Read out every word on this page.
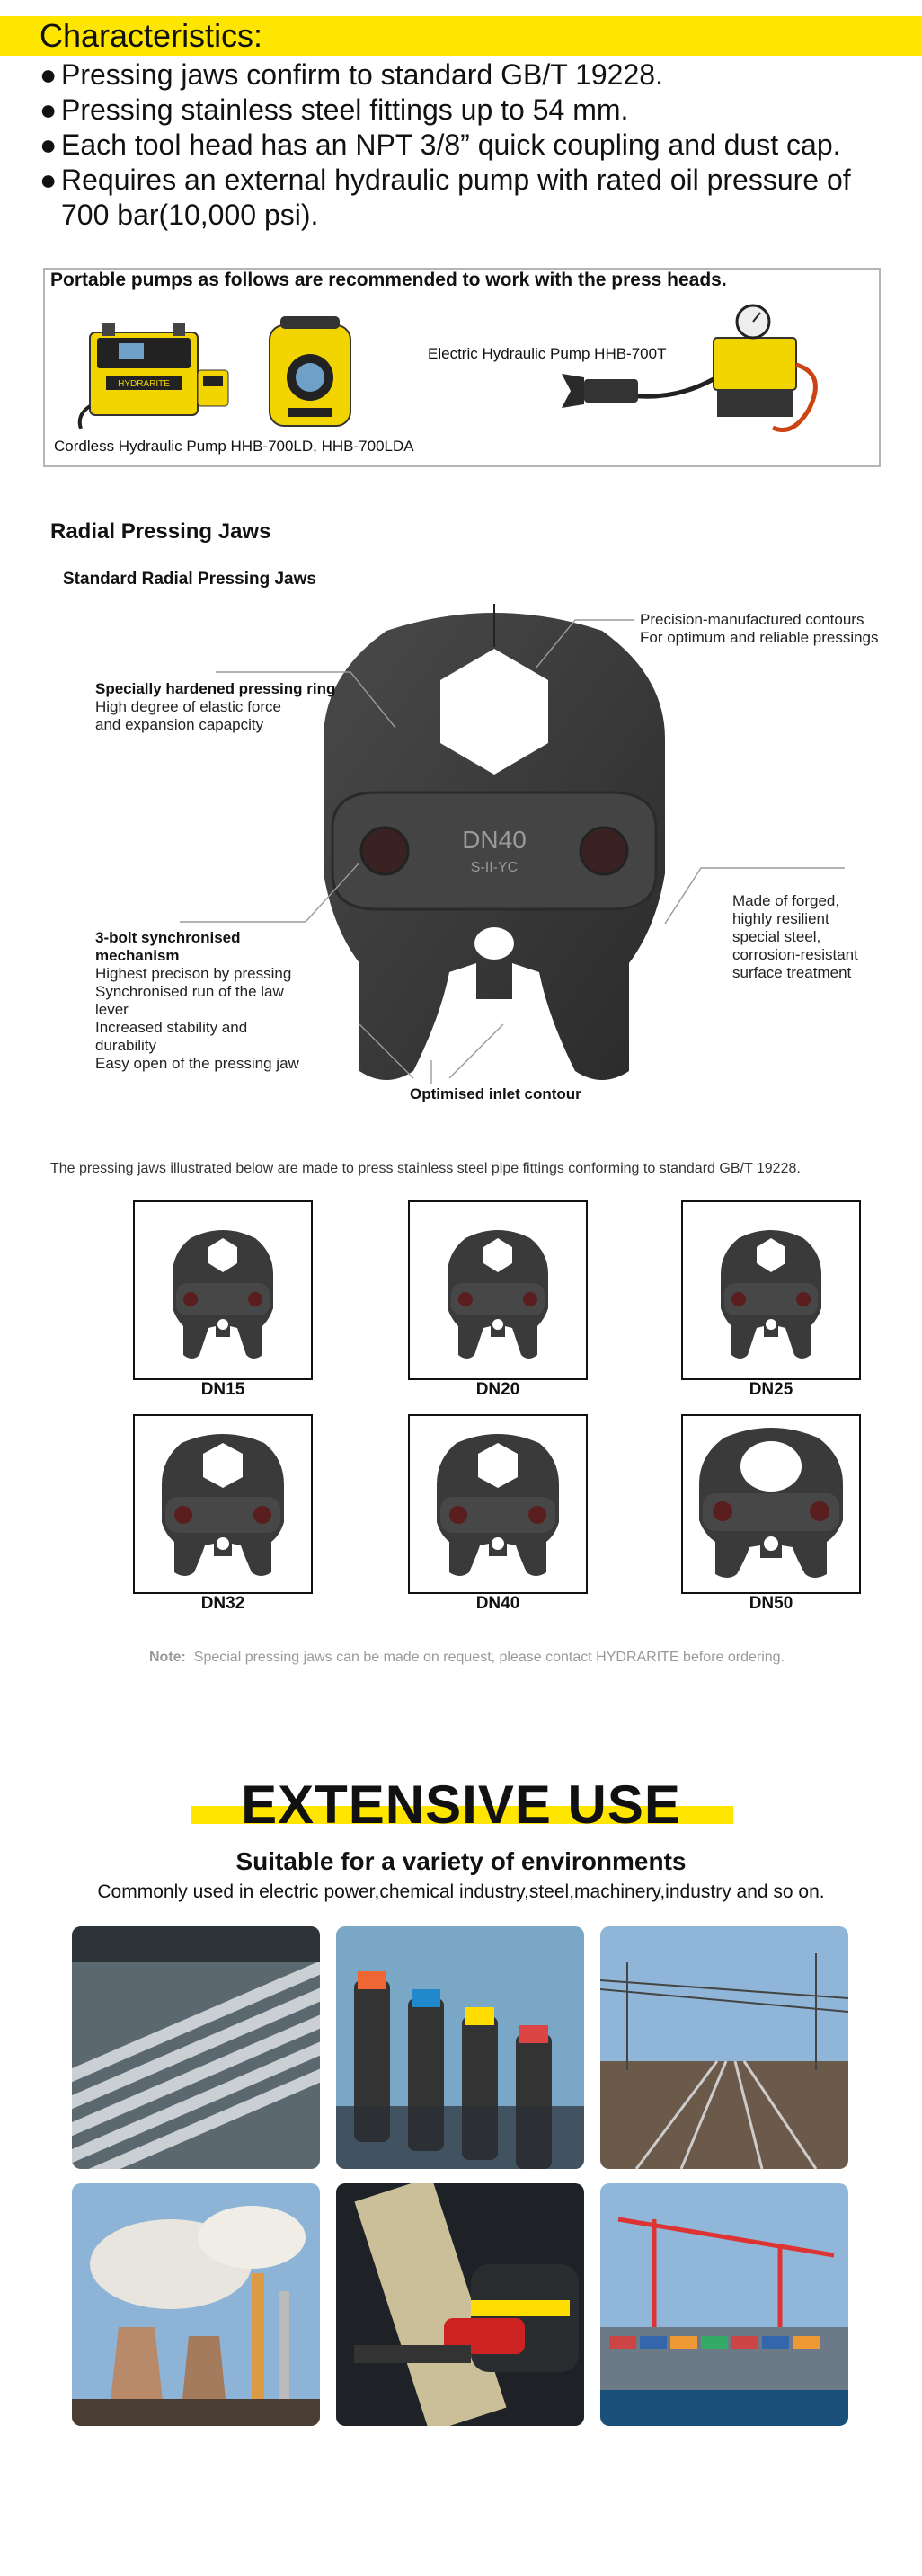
Characteristics:
● Pressing jaws confirm to standard GB/T 19228.
● Pressing stainless steel fittings up to 54 mm.
● Each tool head has an NPT 3/8” quick coupling and dust cap.
● Requires an external hydraulic pump with rated oil pressure of 700 bar(10,000 psi).
Portable pumps as follows are recommended to work with the press heads.
HYDRARITE
Cordless Hydraulic Pump HHB-700LD, HHB-700LDA
Electric Hydraulic Pump HHB-700T
Radial Pressing Jaws
Standard Radial Pressing Jaws
DN40
S-II-YC
Specially hardened pressing ring
High degree of elastic force
and expansion capapcity
Precision-manufactured contours
For optimum and reliable pressings
Made of forged,
highly resilient
special steel,
corrosion-resistant
surface treatment
3-bolt synchronised
mechanism
Highest precison by pressing
Synchronised run of the law
lever
Increased stability and
durability
Easy open of the pressing jaw
Optimised inlet contour
The pressing jaws illustrated below are made to press stainless steel pipe fittings conforming to standard GB/T 19228.
DN15	DN20	DN25
DN32	DN40	DN50
Note: Special pressing jaws can be made on request, please contact HYDRARITE before ordering.
EXTENSIVE USE
Suitable for a variety of environments
Commonly used in electric power,chemical industry,steel,machinery,industry and so on.
